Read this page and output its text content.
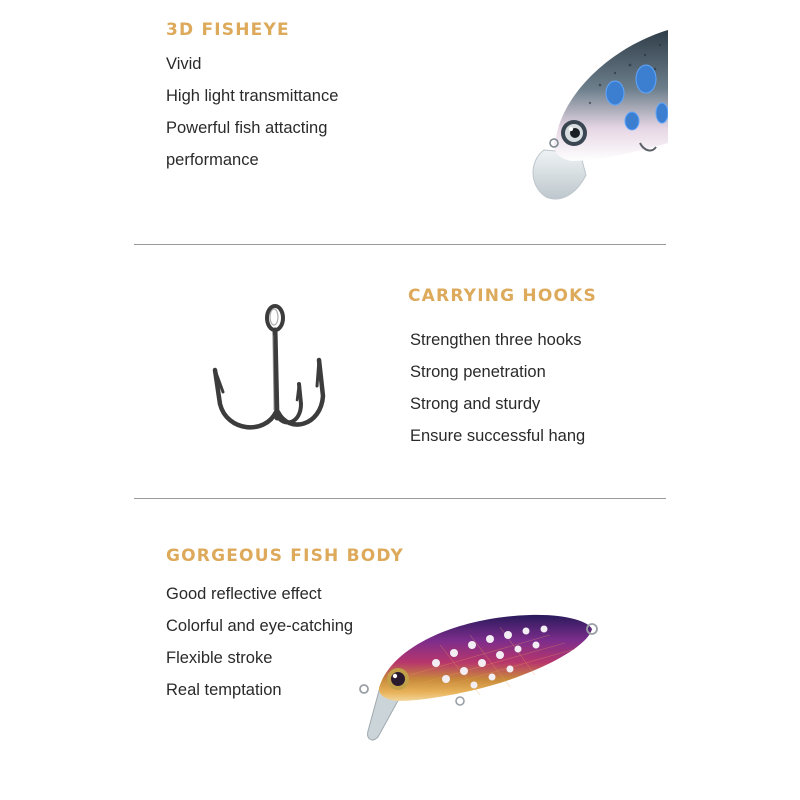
3D FISHEYE
Vivid
High light transmittance
Powerful fish attacting
performance
CARRYING HOOKS
Strengthen three hooks
Strong penetration
Strong and sturdy
Ensure successful hang
GORGEOUS FISH BODY
Good reflective effect
Colorful and eye-catching
Flexible stroke
Real temptation
